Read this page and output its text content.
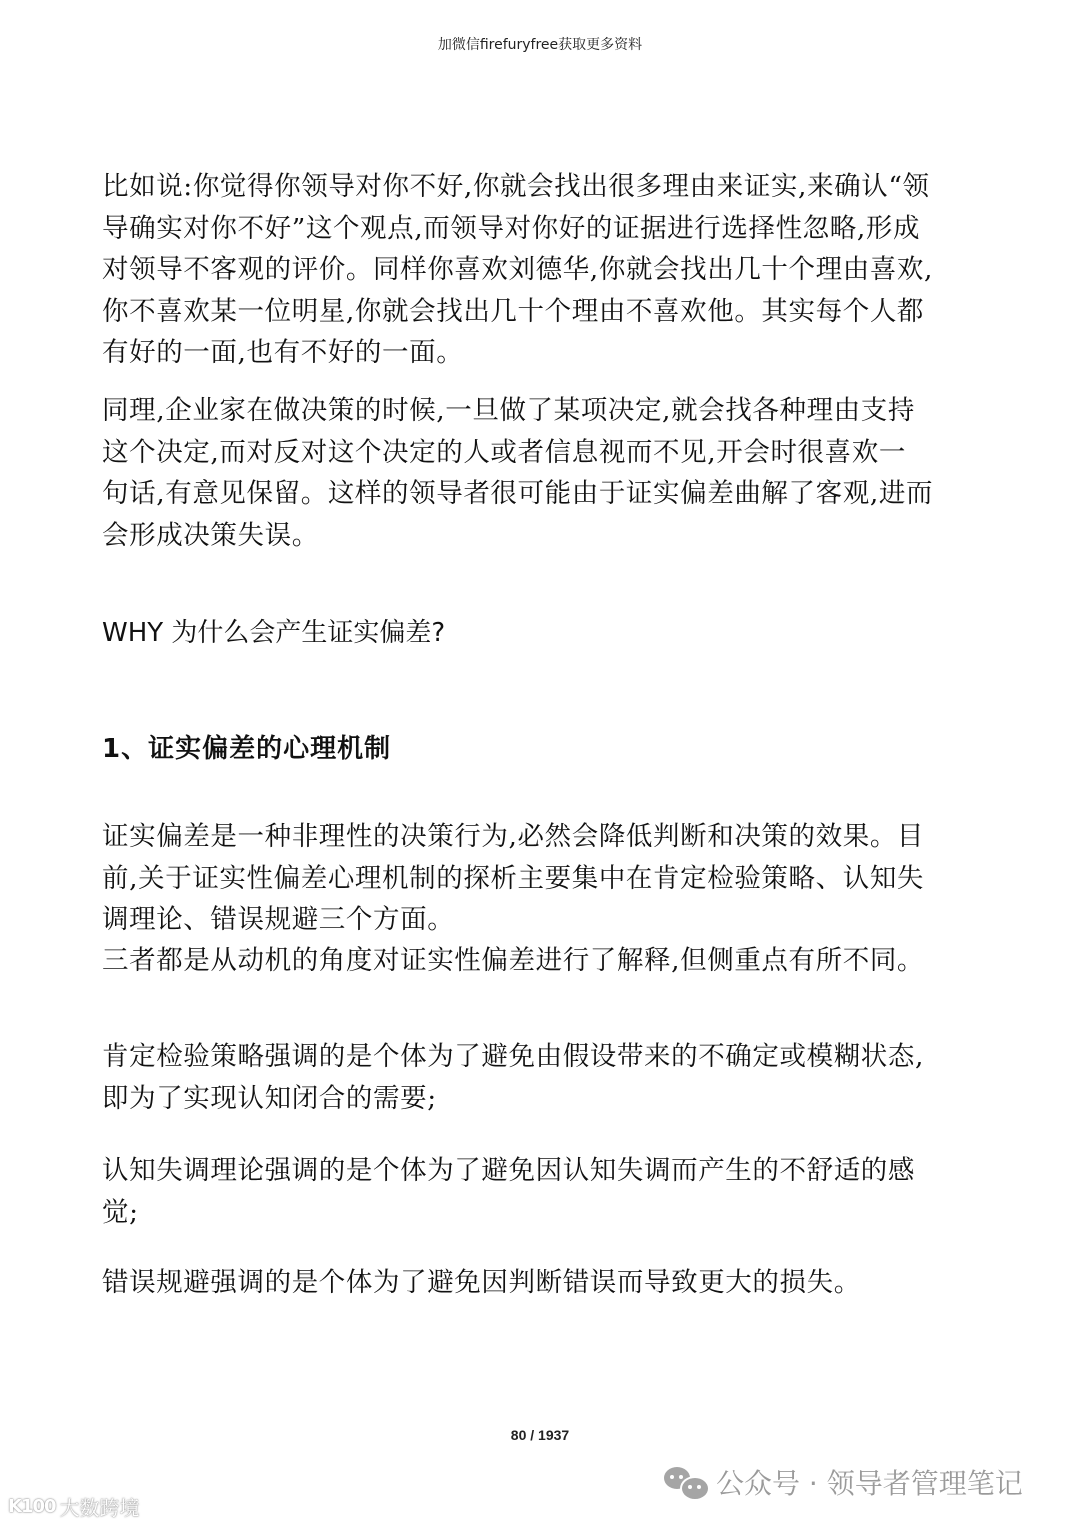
加微信firefuryfree获取更多资料
比如说:你觉得你领导对你不好,你就会找出很多理由来证实,来确认“领
导确实对你不好”这个观点,而领导对你好的证据进行选择性忽略,形成
对领导不客观的评价。同样你喜欢刘德华,你就会找出几十个理由喜欢,
你不喜欢某一位明星,你就会找出几十个理由不喜欢他。其实每个人都
有好的一面,也有不好的一面。
同理,企业家在做决策的时候,一旦做了某项决定,就会找各种理由支持
这个决定,而对反对这个决定的人或者信息视而不见,开会时很喜欢一
句话,有意见保留。这样的领导者很可能由于证实偏差曲解了客观,进而
会形成决策失误。
WHY 为什么会产生证实偏差?
1、证实偏差的心理机制
证实偏差是一种非理性的决策行为,必然会降低判断和决策的效果。目
前,关于证实性偏差心理机制的探析主要集中在肯定检验策略、认知失
调理论、错误规避三个方面。
三者都是从动机的角度对证实性偏差进行了解释,但侧重点有所不同。
肯定检验策略强调的是个体为了避免由假设带来的不确定或模糊状态,
即为了实现认知闭合的需要;
认知失调理论强调的是个体为了避免因认知失调而产生的不舒适的感
觉;
错误规避强调的是个体为了避免因判断错误而导致更大的损失。
80 / 1937
公众号 · 领导者管理笔记
K100 大数跨境
